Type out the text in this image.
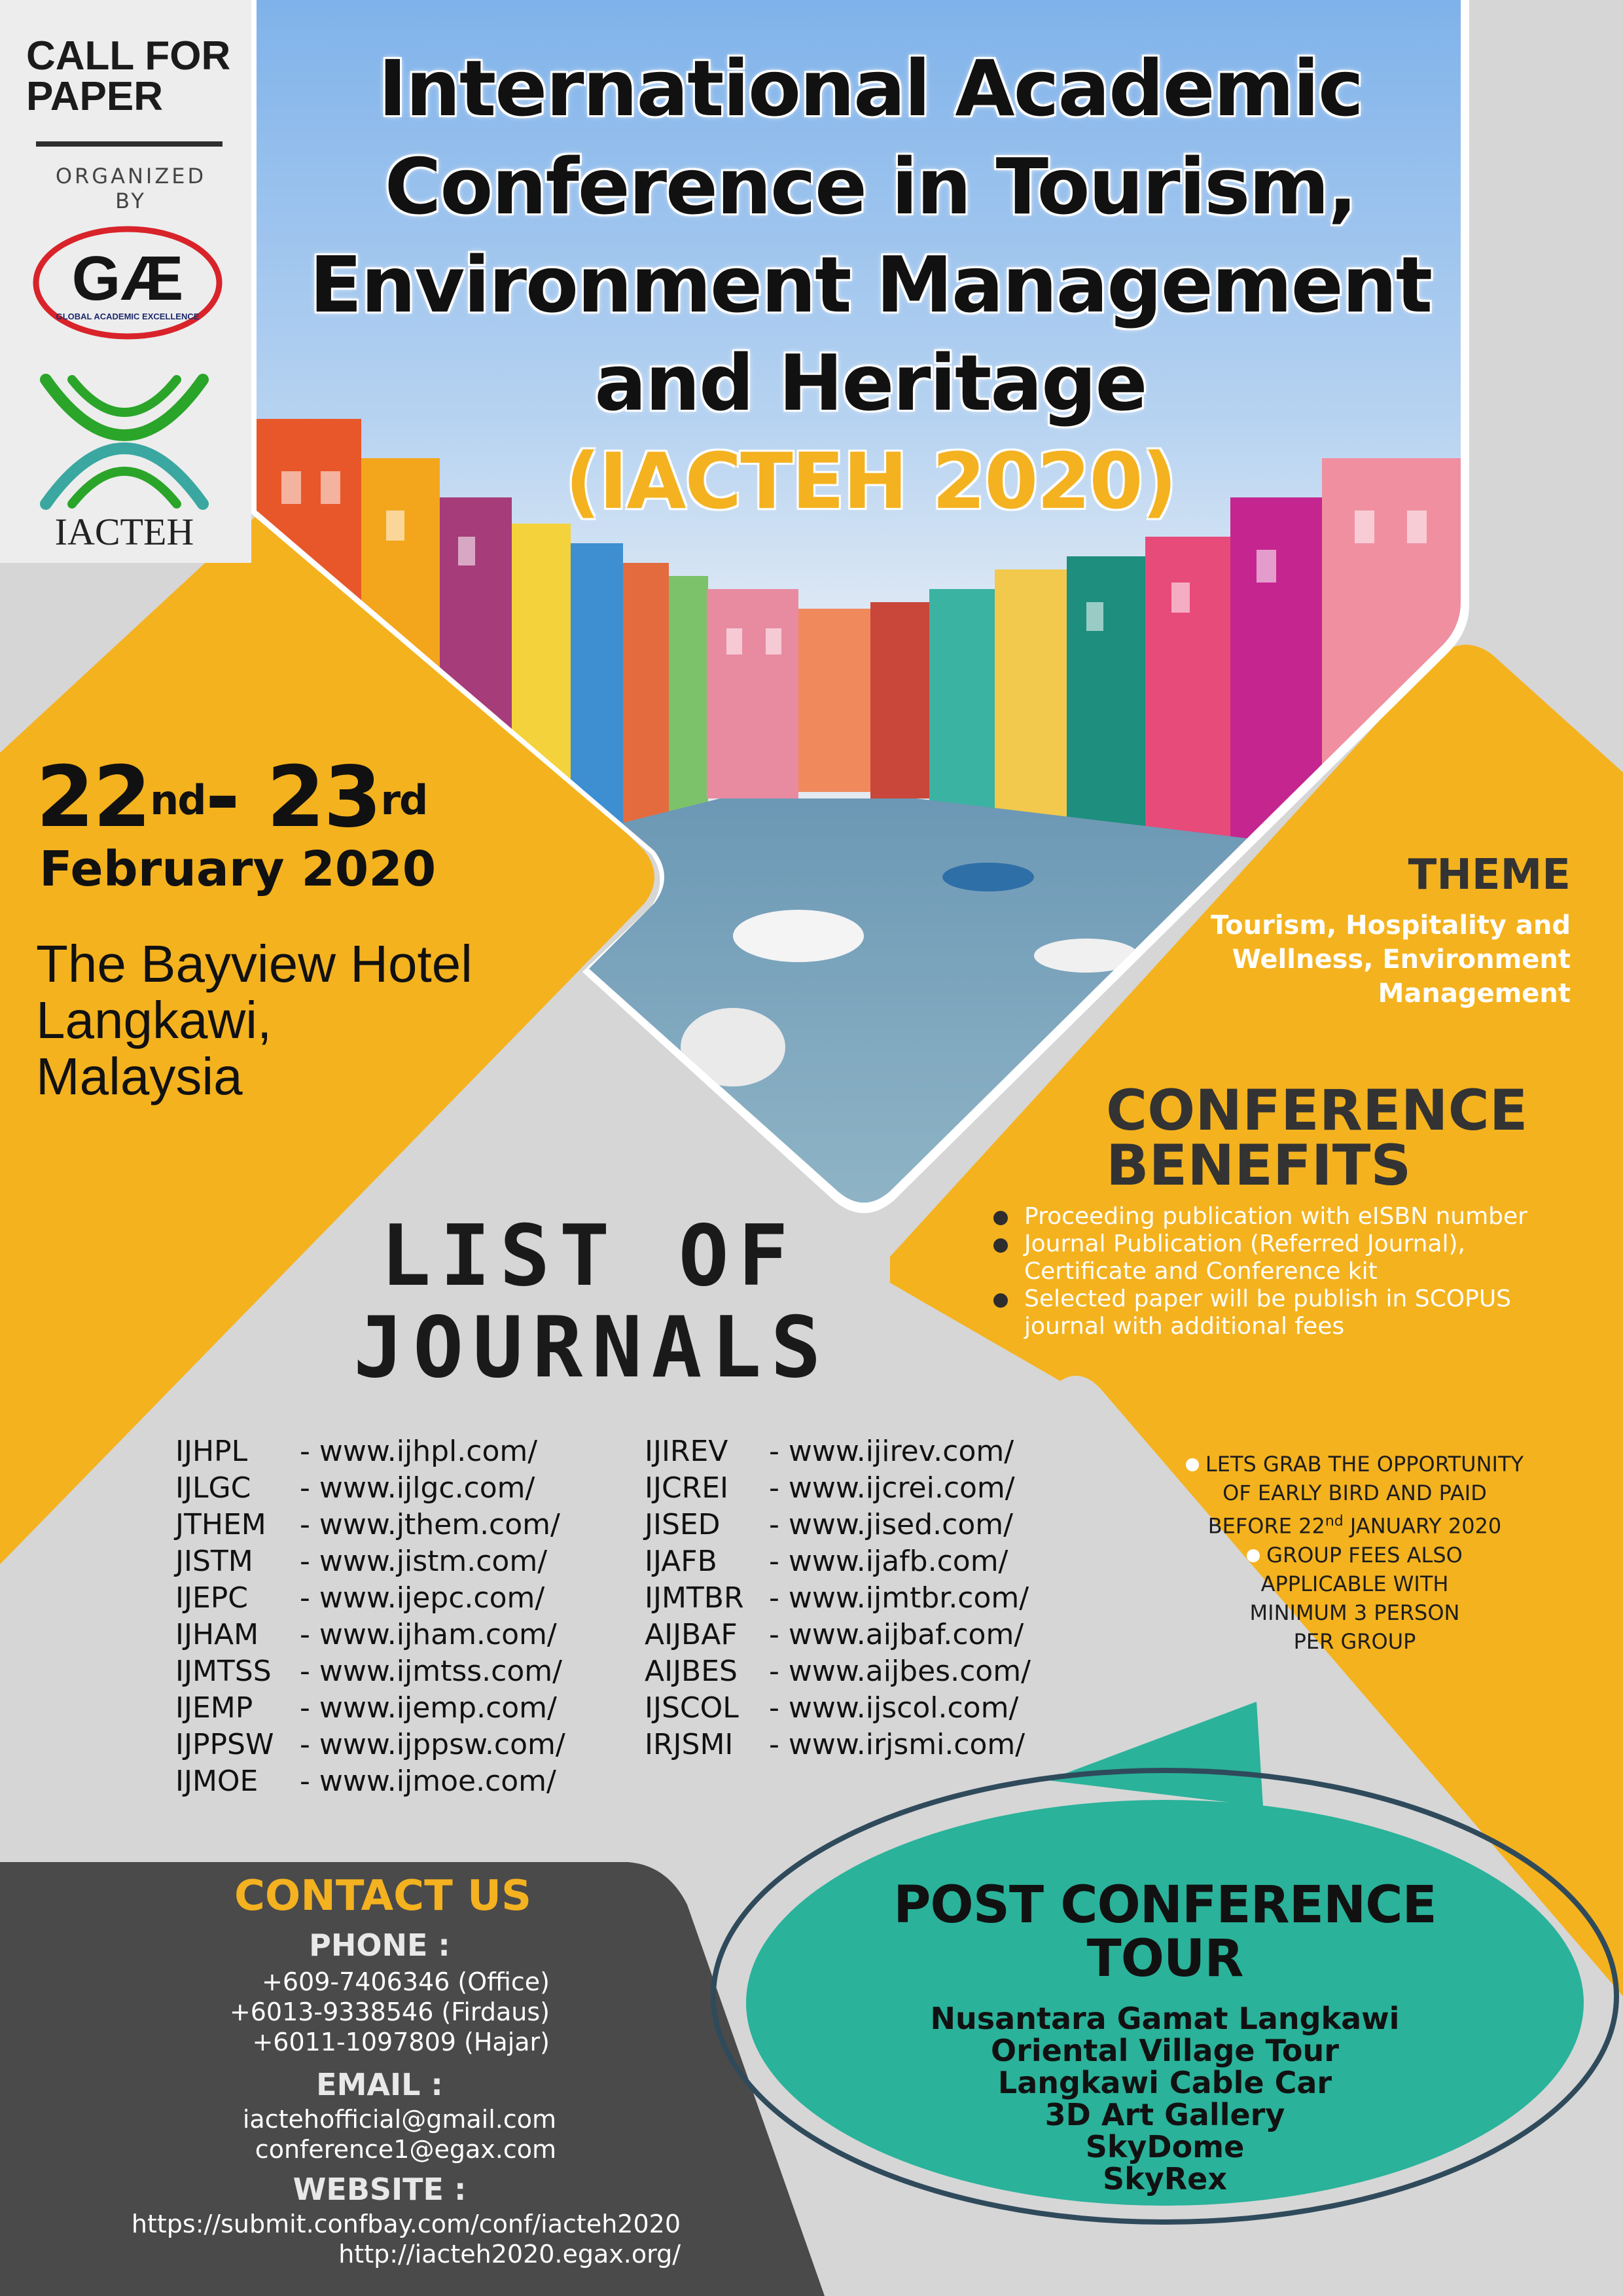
CALL FOR
PAPER
ORGANIZED BY
GÆ
GLOBAL ACADEMIC EXCELLENCE
IACTEH
International Academic
Conference in Tourism,
Environment Management
and Heritage
(IACTEH 2020)
22nd- 23rd
February 2020
The Bayview Hotel
Langkawi,
Malaysia
THEME
Tourism, Hospitality and
Wellness, Environment
Management
CONFERENCE
BENEFITS
Proceeding publication with eISBN number
Journal Publication (Referred Journal), Certificate and Conference kit
Selected paper will be publish in SCOPUS journal with additional fees
LETS GRAB THE OPPORTUNITY
OF EARLY BIRD AND PAID
BEFORE 22nd JANUARY 2020
GROUP FEES ALSO
APPLICABLE WITH
MINIMUM 3 PERSON
PER GROUP
LIST OF
JOURNALS
IJHPL	- www.ijhpl.com/
IJLGC	- www.ijlgc.com/
JTHEM	- www.jthem.com/
JISTM	- www.jistm.com/
IJEPC	- www.ijepc.com/
IJHAM	- www.ijham.com/
IJMTSS - www.ijmtss.com/
IJEMP	- www.ijemp.com/
IJPPSW - www.ijppsw.com/
IJMOE	- www.ijmoe.com/
IJIREV	- www.ijirev.com/
IJCREI	- www.ijcrei.com/
JISED	- www.jised.com/
IJAFB	- www.ijafb.com/
IJMTBR - www.ijmtbr.com/
AIJBAF	- www.aijbaf.com/
AIJBES	- www.aijbes.com/
IJSCOL	- www.ijscol.com/
IRJSMI	- www.irjsmi.com/
CONTACT US
PHONE :
+609-7406346 (Office)
+6013-9338546 (Firdaus)
+6011-1097809 (Hajar)
EMAIL :
iactehofficial@gmail.com
conference1@egax.com
WEBSITE :
https://submit.confbay.com/conf/iacteh2020
http://iacteh2020.egax.org/
POST CONFERENCE
TOUR
Nusantara Gamat Langkawi
Oriental Village Tour
Langkawi Cable Car
3D Art Gallery
SkyDome
SkyRex
